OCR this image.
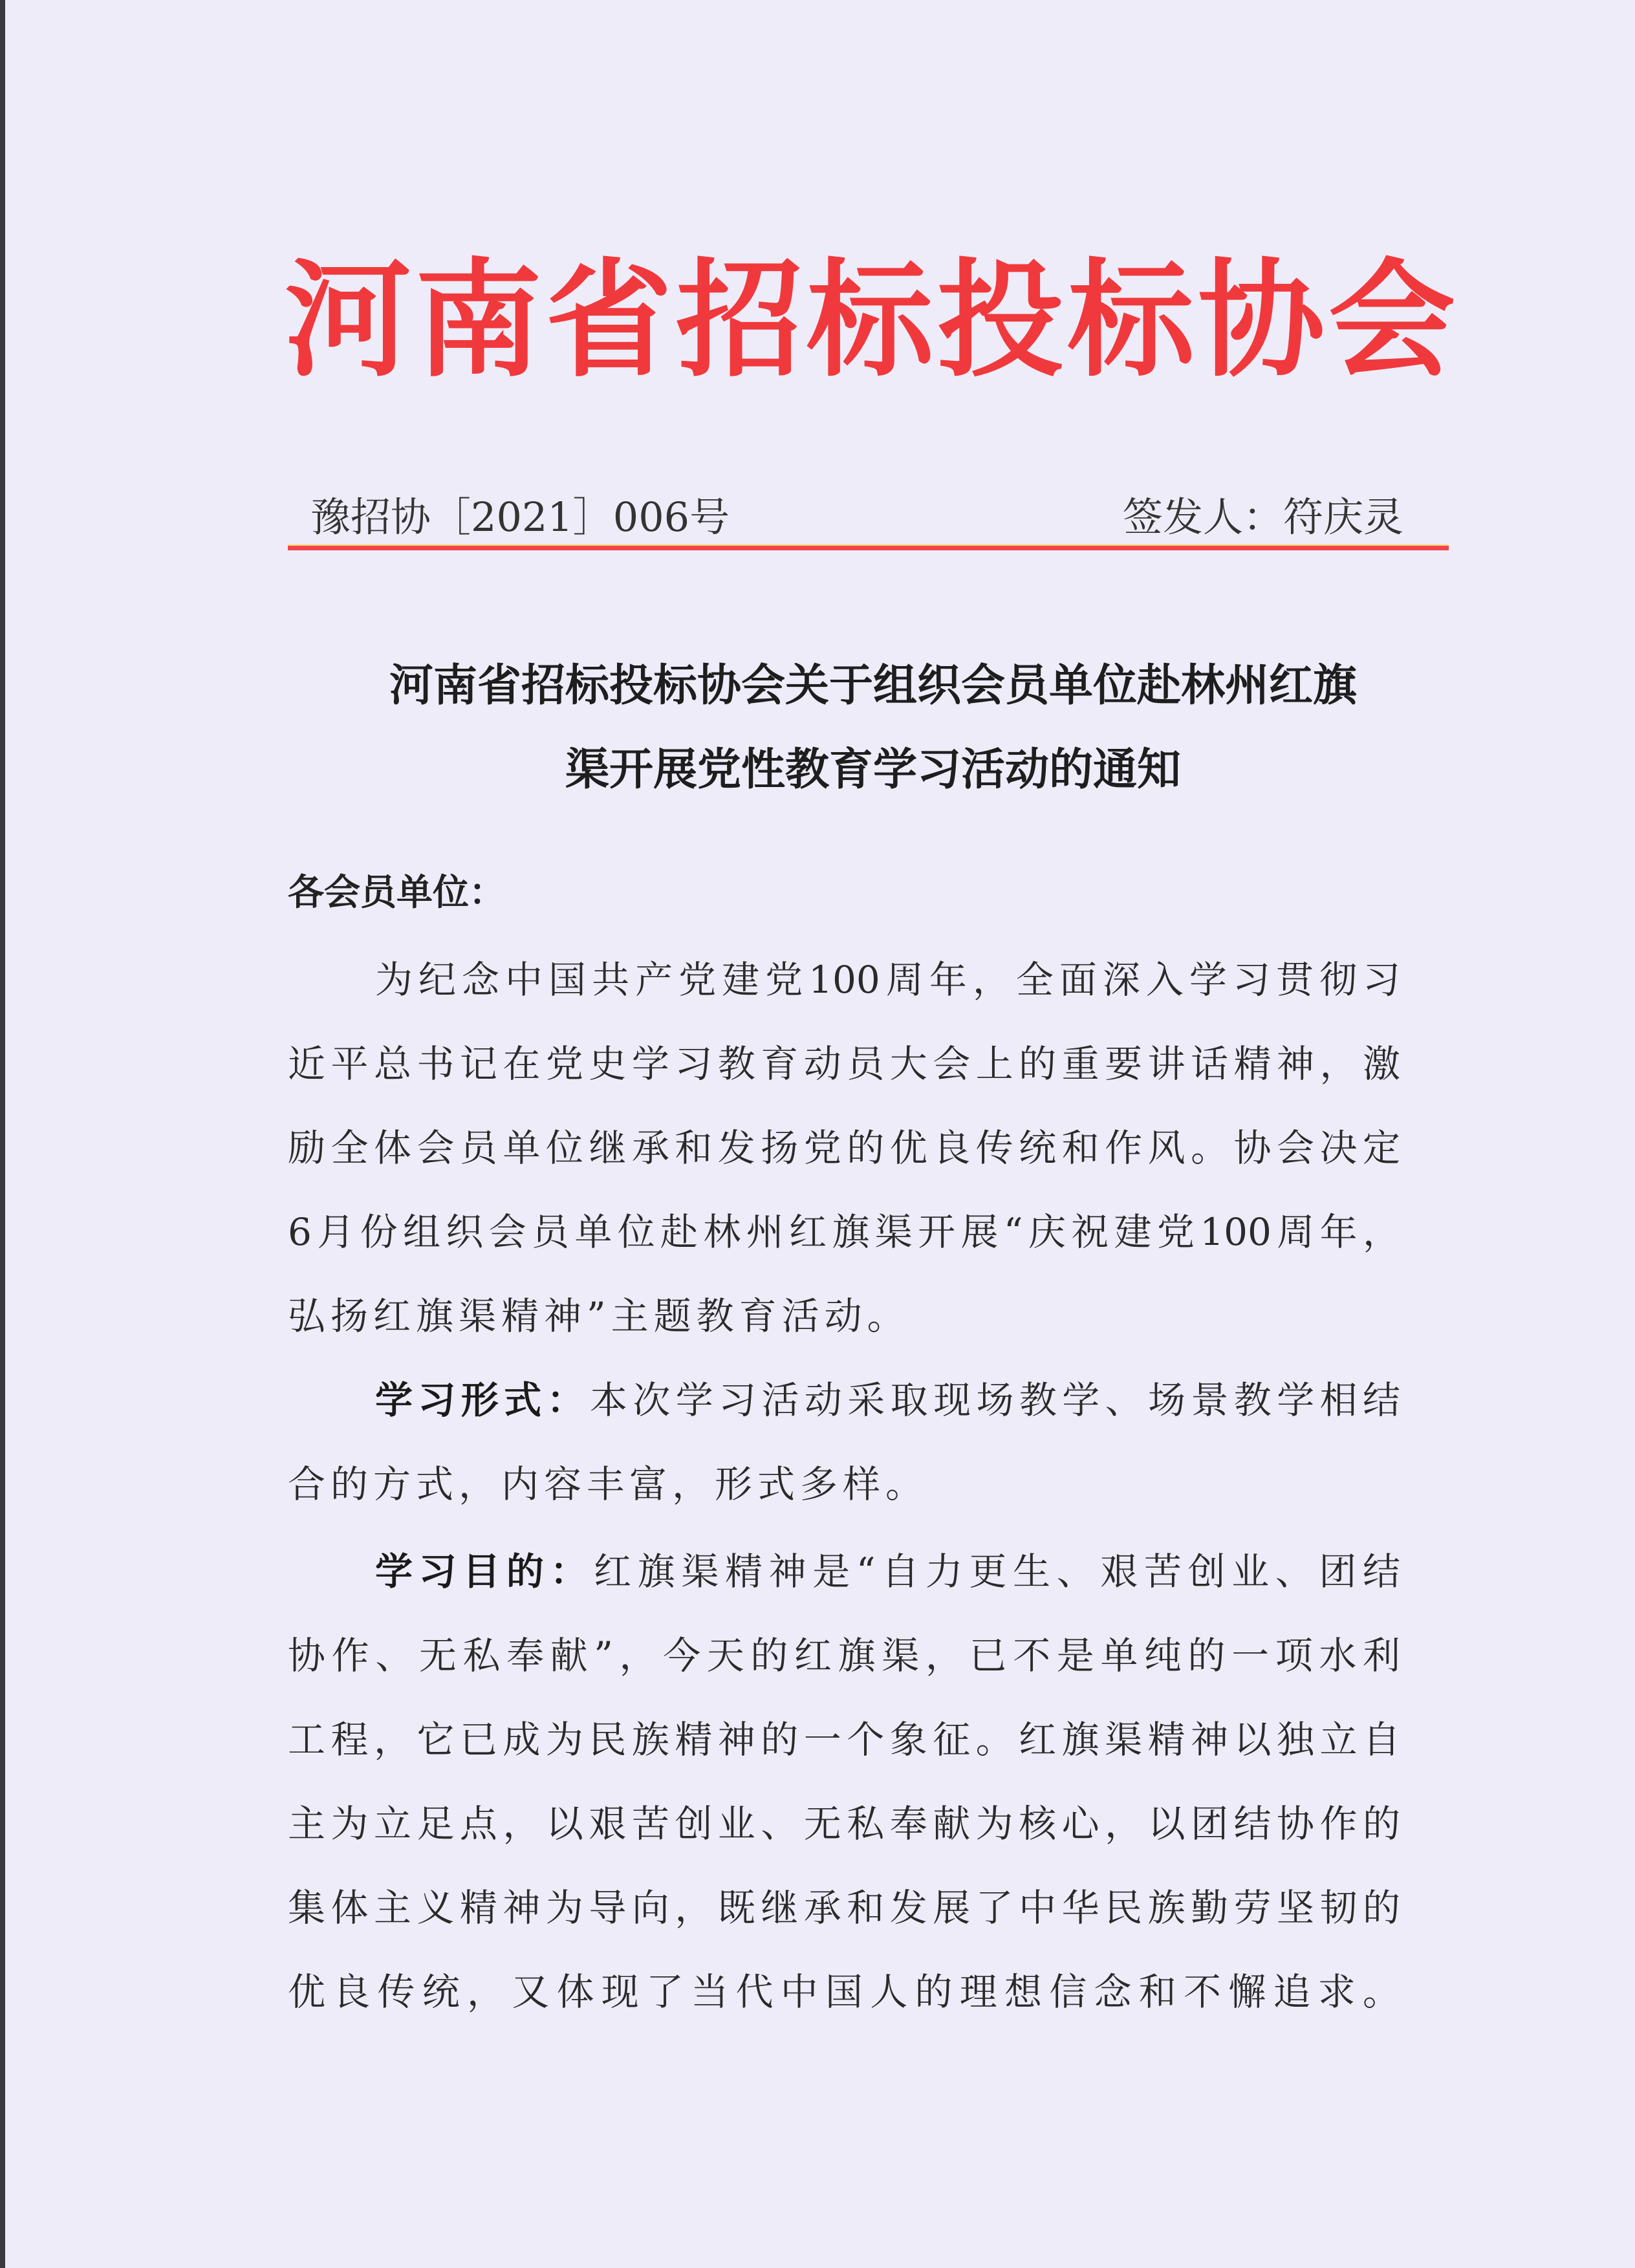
河南省招标投标协会
豫招协［2021］006号	签发人：符庆灵
河南省招标投标协会关于组织会员单位赴林州红旗
渠开展党性教育学习活动的通知
各会员单位：
为纪念中国共产党建党100周年，全面深入学习贯彻习
近平总书记在党史学习教育动员大会上的重要讲话精神，激
励全体会员单位继承和发扬党的优良传统和作风。协会决定
6月份组织会员单位赴林州红旗渠开展“庆祝建党100周年，
弘扬红旗渠精神”主题教育活动。
学习形式：本次学习活动采取现场教学、场景教学相结
合的方式，内容丰富，形式多样。
学习目的：红旗渠精神是“自力更生、艰苦创业、团结
协作、无私奉献”，今天的红旗渠，已不是单纯的一项水利
工程，它已成为民族精神的一个象征。红旗渠精神以独立自
主为立足点，以艰苦创业、无私奉献为核心，以团结协作的
集体主义精神为导向，既继承和发展了中华民族勤劳坚韧的
优良传统，又体现了当代中国人的理想信念和不懈追求。
